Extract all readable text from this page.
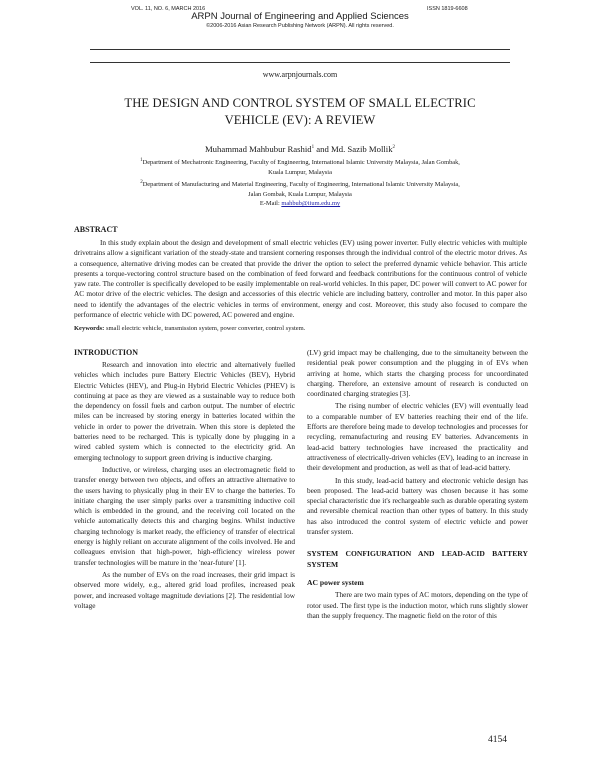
VOL. 11, NO. 6, MARCH 2016	ISSN 1819-6608
ARPN Journal of Engineering and Applied Sciences
©2006-2016 Asian Research Publishing Network (ARPN). All rights reserved.
www.arpnjournals.com
THE DESIGN AND CONTROL SYSTEM OF SMALL ELECTRIC
VEHICLE (EV): A REVIEW
Muhammad Mahbubur Rashid$^1$ and Md. Sazib Mollik$^2$
$^1$Department of Mechatronic Engineering, Faculty of Engineering, International Islamic University Malaysia, Jalan Gombak,
Kuala Lumpur, Malaysia
$^2$Department of Manufacturing and Material Engineering, Faculty of Engineering, International Islamic University Malaysia,
Jalan Gombak, Kuala Lumpur, Malaysia
E-Mail: mahbub@iium.edu.my
ABSTRACT
In this study explain about the design and development of small electric vehicles (EV) using power inverter. Fully electric vehicles with multiple drivetrains allow a significant variation of the steady-state and transient cornering responses through the individual control of the electric motor drives. As a consequence, alternative driving modes can be created that provide the driver the option to select the preferred dynamic vehicle behavior. This article presents a torque-vectoring control structure based on the combination of feed forward and feedback contributions for the continuous control of vehicle yaw rate. The controller is specifically developed to be easily implementable on real-world vehicles. In this paper, DC power will convert to AC power for AC motor drive of the electric vehicles. The design and accessories of this electric vehicle are including battery, controller and motor. In this paper also need to identify the advantages of the electric vehicles in terms of environment, energy and cost. Moreover, this study also focused to compare the performance of electric vehicle with DC powered, AC powered and engine.
Keywords: small electric vehicle, transmission system, power converter, control system.
INTRODUCTION

Research and innovation into electric and alternatively fuelled vehicles which includes pure Battery Electric Vehicles (BEV), Hybrid Electric Vehicles (HEV), and Plug-in Hybrid Electric Vehicles (PHEV) is continuing at pace as they are viewed as a sustainable way to reduce both the dependency on fossil fuels and carbon output. The number of electric miles can be increased by storing energy in batteries located within the vehicle in order to power the drivetrain. When this store is depleted the batteries need to be recharged. This is typically done by plugging in a wired cabled system which is connected to the electricity grid. An emerging technology to support green driving is inductive charging.

Inductive, or wireless, charging uses an electromagnetic field to transfer energy between two objects, and offers an attractive alternative to the users having to physically plug in their EV to charge the batteries. To initiate charging the user simply parks over a transmitting inductive coil which is embedded in the ground, and the receiving coil located on the vehicle automatically detects this and charging begins. Whilst inductive charging technology is market ready, the efficiency of transfer of electrical energy is highly reliant on accurate alignment of the coils involved. He and colleagues envision that high-power, high-efficiency wireless power transfer technologies will be mature in the 'near-future' [1].

As the number of EVs on the road increases, their grid impact is observed more widely, e.g., altered grid load profiles, increased peak power, and increased voltage magnitude deviations [2]. The residential low voltage

(LV) grid impact may be challenging, due to the simultaneity between the residential peak power consumption and the plugging in of EVs when arriving at home, which starts the charging process for uncoordinated charging. Therefore, an extensive amount of research is conducted on coordinated charging strategies [3].

The rising number of electric vehicles (EV) will eventually lead to a comparable number of EV batteries reaching their end of the life. Efforts are therefore being made to develop technologies and processes for recycling, remanufacturing and reusing EV batteries. Advancements in lead-acid battery technologies have increased the practicality and attractiveness of electrically-driven vehicles (EV), leading to an increase in their development and production, as well as that of lead-acid battery.

In this study, lead-acid battery and electronic vehicle design has been proposed. The lead-acid battery was chosen because it has some special characteristic due it's rechargeable such as durable operating system and reversible chemical reaction than other types of battery. In this study has also introduced the control system of electric vehicle and power transfer system.

SYSTEM CONFIGURATION AND LEAD-ACID BATTERY SYSTEM
AC power system

There are two main types of AC motors, depending on the type of rotor used. The first type is the induction motor, which runs slightly slower than the supply frequency. The magnetic field on the rotor of this

4154
